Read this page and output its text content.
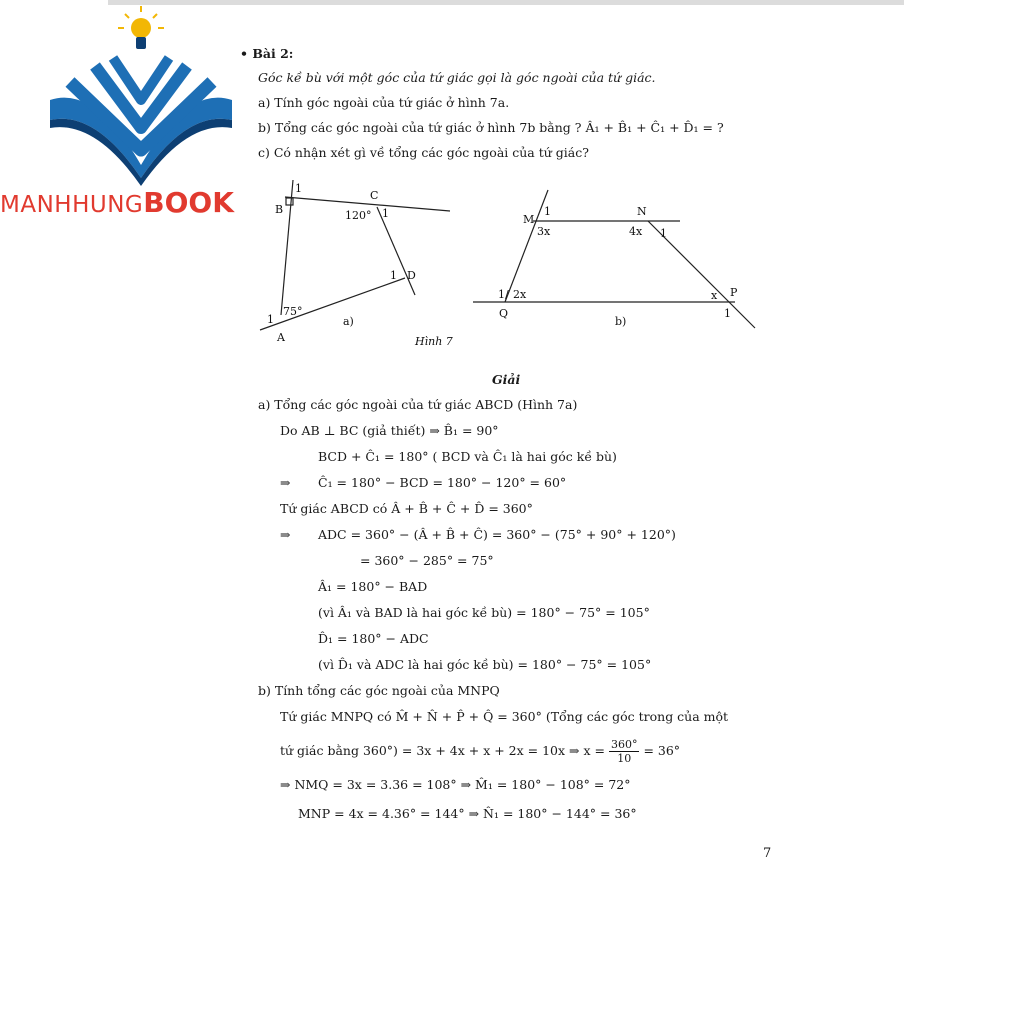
MANHHUNGBOOK
• Bài 2:
Góc kề bù với một góc của tứ giác gọi là góc ngoài của tứ giác.
a) Tính góc ngoài của tứ giác ở hình 7a.
b) Tổng các góc ngoài của tứ giác ở hình 7b bằng ? Â₁ + B̂₁ + Ĉ₁ + D̂₁ = ?
c) Có nhận xét gì về tổng các góc ngoài của tứ giác?
1
B
C
120° 1
1 D
75°
1
A
a)
M
1
3x
N
4x 1
1/ 2x
Q
x P
1
b)
Hình 7
Giải
a) Tổng các góc ngoài của tứ giác ABCD (Hình 7a)
Do AB ⊥ BC (giả thiết) ⇒ B̂₁ = 90°
BCD + Ĉ₁ = 180° ( BCD và Ĉ₁ là hai góc kề bù)
⇒ Ĉ₁ = 180° − BCD = 180° − 120° = 60°
Tứ giác ABCD có Â + B̂ + Ĉ + D̂ = 360°
⇒ ADC = 360° − (Â + B̂ + Ĉ) = 360° − (75° + 90° + 120°)
= 360° − 285° = 75°
Â₁ = 180° − BAD
(vì Â₁ và BAD là hai góc kề bù) = 180° − 75° = 105°
D̂₁ = 180° − ADC
(vì D̂₁ và ADC là hai góc kề bù) = 180° − 75° = 105°
b) Tính tổng các góc ngoài của MNPQ
Tứ giác MNPQ có M̂ + N̂ + P̂ + Q̂ = 360° (Tổng các góc trong của một
tứ giác bằng 360°) = 3x + 4x + x + 2x = 10x ⇒ $x = \frac{360^\circ}{10} = 36^\circ$
⇒ NMQ = 3x = 3.36 = 108° ⇒ M̂₁ = 180° − 108° = 72°
MNP = 4x = 4.36° = 144° ⇒ N̂₁ = 180° − 144° = 36°
7
